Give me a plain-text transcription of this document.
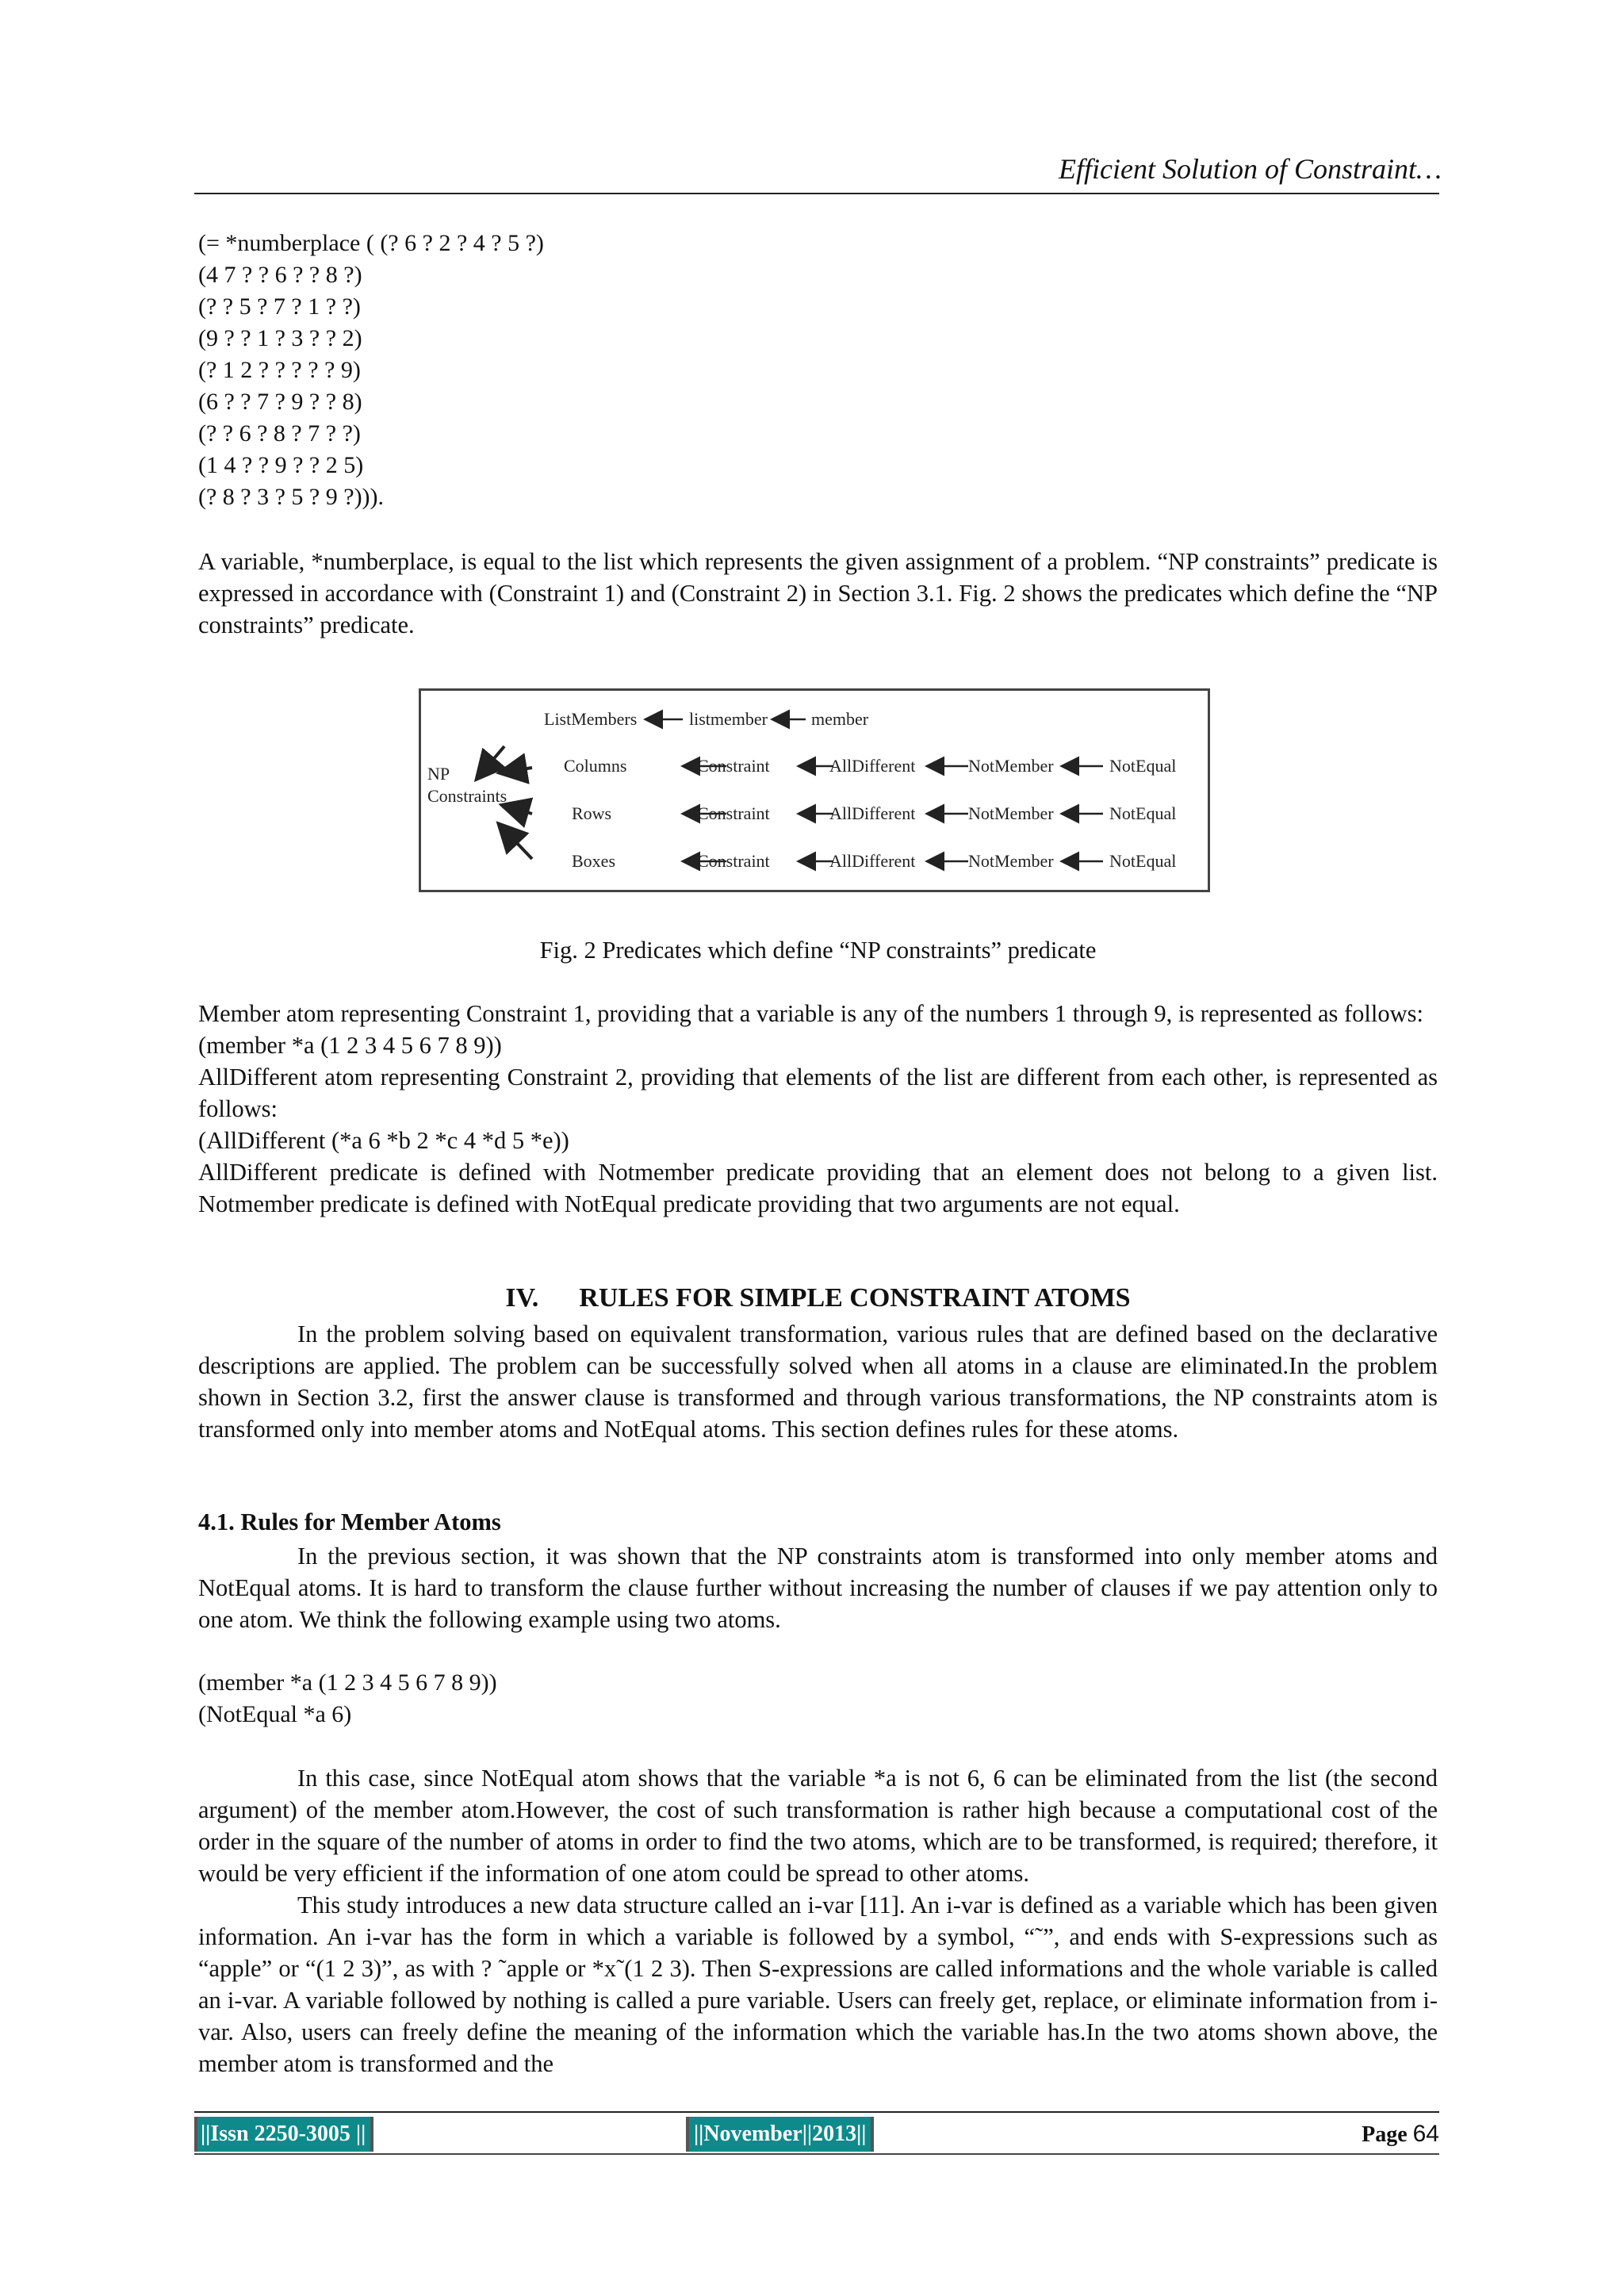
Efficient Solution of Constraint…
(= *numberplace ( (? 6 ? 2 ? 4 ? 5 ?)
(4 7 ? ? 6 ? ? 8 ?)
(? ? 5 ? 7 ? 1 ? ?)
(9 ? ? 1 ? 3 ? ? 2)
(? 1 2 ? ? ? ? ? 9)
(6 ? ? 7 ? 9 ? ? 8)
(? ? 6 ? 8 ? 7 ? ?)
(1 4 ? ? 9 ? ? 2 5)
(? 8 ? 3 ? 5 ? 9 ?))).

A variable, *numberplace, is equal to the list which represents the given assignment of a problem. “NP constraints” predicate is expressed in accordance with (Constraint 1) and (Constraint 2) in Section 3.1. Fig. 2 shows the predicates which define the “NP constraints” predicate.

NP
Constraints
ListMembers	listmember	member
Columns	Constraint	AllDifferent	NotMember	NotEqual
Rows	Constraint	AllDifferent	NotMember	NotEqual
Boxes	Constraint	AllDifferent	NotMember	NotEqual
Fig. 2 Predicates which define “NP constraints” predicate

Member atom representing Constraint 1, providing that a variable is any of the numbers 1 through 9, is represented as follows:

(member *a (1 2 3 4 5 6 7 8 9))

AllDifferent atom representing Constraint 2, providing that elements of the list are different from each other, is represented as follows:

(AllDifferent (*a 6 *b 2 *c 4 *d 5 *e))

AllDifferent predicate is defined with Notmember predicate providing that an element does not belong to a given list. Notmember predicate is defined with NotEqual predicate providing that two arguments are not equal.

IV.      RULES FOR SIMPLE CONSTRAINT ATOMS

In the problem solving based on equivalent transformation, various rules that are defined based on the declarative descriptions are applied. The problem can be successfully solved when all atoms in a clause are eliminated.In the problem shown in Section 3.2, first the answer clause is transformed and through various transformations, the NP constraints atom is transformed only into member atoms and NotEqual atoms. This section defines rules for these atoms.

4.1. Rules for Member Atoms

In the previous section, it was shown that the NP constraints atom is transformed into only member atoms and NotEqual atoms. It is hard to transform the clause further without increasing the number of clauses if we pay attention only to one atom. We think the following example using two atoms.

(member *a (1 2 3 4 5 6 7 8 9))
(NotEqual *a 6)

In this case, since NotEqual atom shows that the variable *a is not 6, 6 can be eliminated from the list (the second argument) of the member atom.However, the cost of such transformation is rather high because a computational cost of the order in the square of the number of atoms in order to find the two atoms, which are to be transformed, is required; therefore, it would be very efficient if the information of one atom could be spread to other atoms.

This study introduces a new data structure called an i-var [11]. An i-var is defined as a variable which has been given information. An i-var has the form in which a variable is followed by a symbol, “˜”, and ends with S-expressions such as “apple” or “(1 2 3)”, as with ? ˜apple or *x˜(1 2 3). Then S-expressions are called informations and the whole variable is called an i-var. A variable followed by nothing is called a pure variable. Users can freely get, replace, or eliminate information from i-var. Also, users can freely define the meaning of the information which the variable has.In the two atoms shown above, the member atom is transformed and the

||Issn 2250-3005 ||	||November||2013||	Page 64
